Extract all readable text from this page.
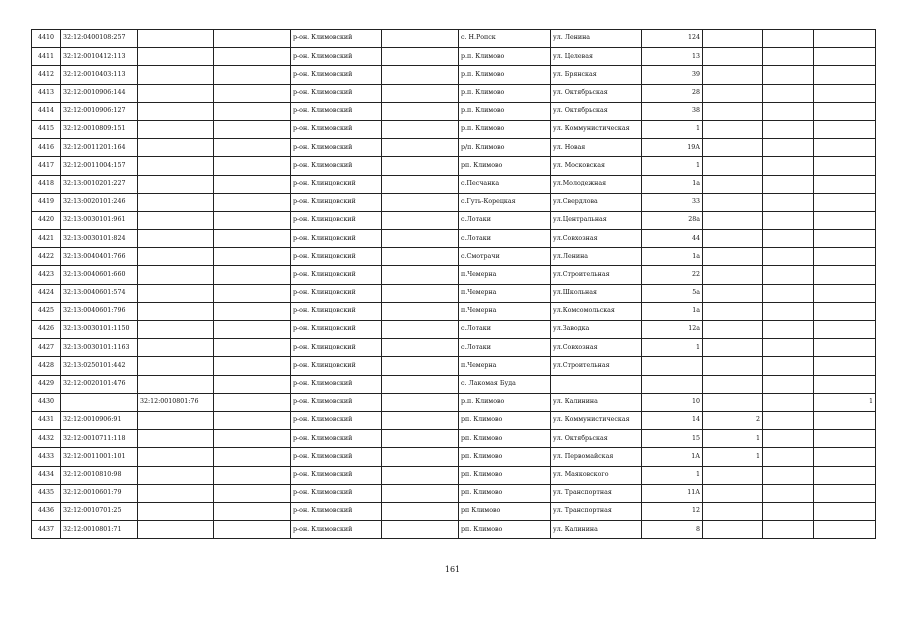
4410	32:12:0400108:257			р-он. Климовский		с. Н.Ропск	ул. Ленина	124			
4411	32:12:0010412:113			р-он. Климовский		р.п. Климово	ул. Целевая	13			
4412	32:12:0010403:113			р-он. Климовский		р.п. Климово	ул. Брянская	39			
4413	32:12:0010906:144			р-он. Климовский		р.п. Климово	ул. Октябрьская	28			
4414	32:12:0010906:127			р-он. Климовский		р.п. Климово	ул. Октябрьская	38			
4415	32:12:0010809:151			р-он. Климовский		р.п. Климово	ул. Коммунистическая	1			
4416	32:12:0011201:164			р-он. Климовский		р/п. Климово	ул. Новая	19А			
4417	32:12:0011004:157			р-он. Климовский		рп. Климово	ул. Московская	1			
4418	32:13:0010201:227			р-он. Клинцовский		с.Песчанка	ул.Молодежная	1а			
4419	32:13:0020101:246			р-он. Клинцовский		с.Гуть-Корецкая	ул.Свердлова	33			
4420	32:13:0030101:961			р-он. Клинцовский		с.Лотаки	ул.Центральная	28а			
4421	32:13:0030101:824			р-он. Клинцовский		с.Лотаки	ул.Совхозная	44			
4422	32:13:0040401:766			р-он. Клинцовский		с.Смотрачи	ул.Ленина	1а			
4423	32:13:0040601:660			р-он. Клинцовский		п.Чемерна	ул.Строительная	22			
4424	32:13:0040601:574			р-он. Клинцовский		п.Чемерна	ул.Школьная	5а			
4425	32:13:0040601:796			р-он. Клинцовский		п.Чемерна	ул.Комсомольская	1а			
4426	32:13:0030101:1150			р-он. Клинцовский		с.Лотаки	ул.Заводка	12а			
4427	32:13:0030101:1163			р-он. Клинцовский		с.Лотаки	ул.Совхозная	1			
4428	32:13:0250101:442			р-он. Клинцовский		п.Чемерна	ул.Строительная				
4429	32:12:0020101:476			р-он. Климовский		с. Лакомая Буда					
4430		32:12:0010801:76		р-он. Климовский		р.п. Климово	ул. Калинина	10			1
4431	32:12:0010906:91			р-он. Климовский		рп. Климово	ул. Коммунистическая	14	2		
4432	32:12:0010711:118			р-он. Климовский		рп. Климово	ул. Октябрьская	15	1		
4433	32:12:0011001:101			р-он. Климовский		рп. Климово	ул. Первомайская	1А	1		
4434	32:12:0010810:98			р-он. Климовский		рп. Климово	ул. Маяковского	1			
4435	32:12:0010601:79			р-он. Климовский		рп. Климово	ул. Транспортная	11А			
4436	32:12:0010701:25			р-он. Климовский		рп Климово	ул. Транспортная	12			
4437	32:12:0010801:71			р-он. Климовский		рп. Климово	ул. Калинина	8			
161
